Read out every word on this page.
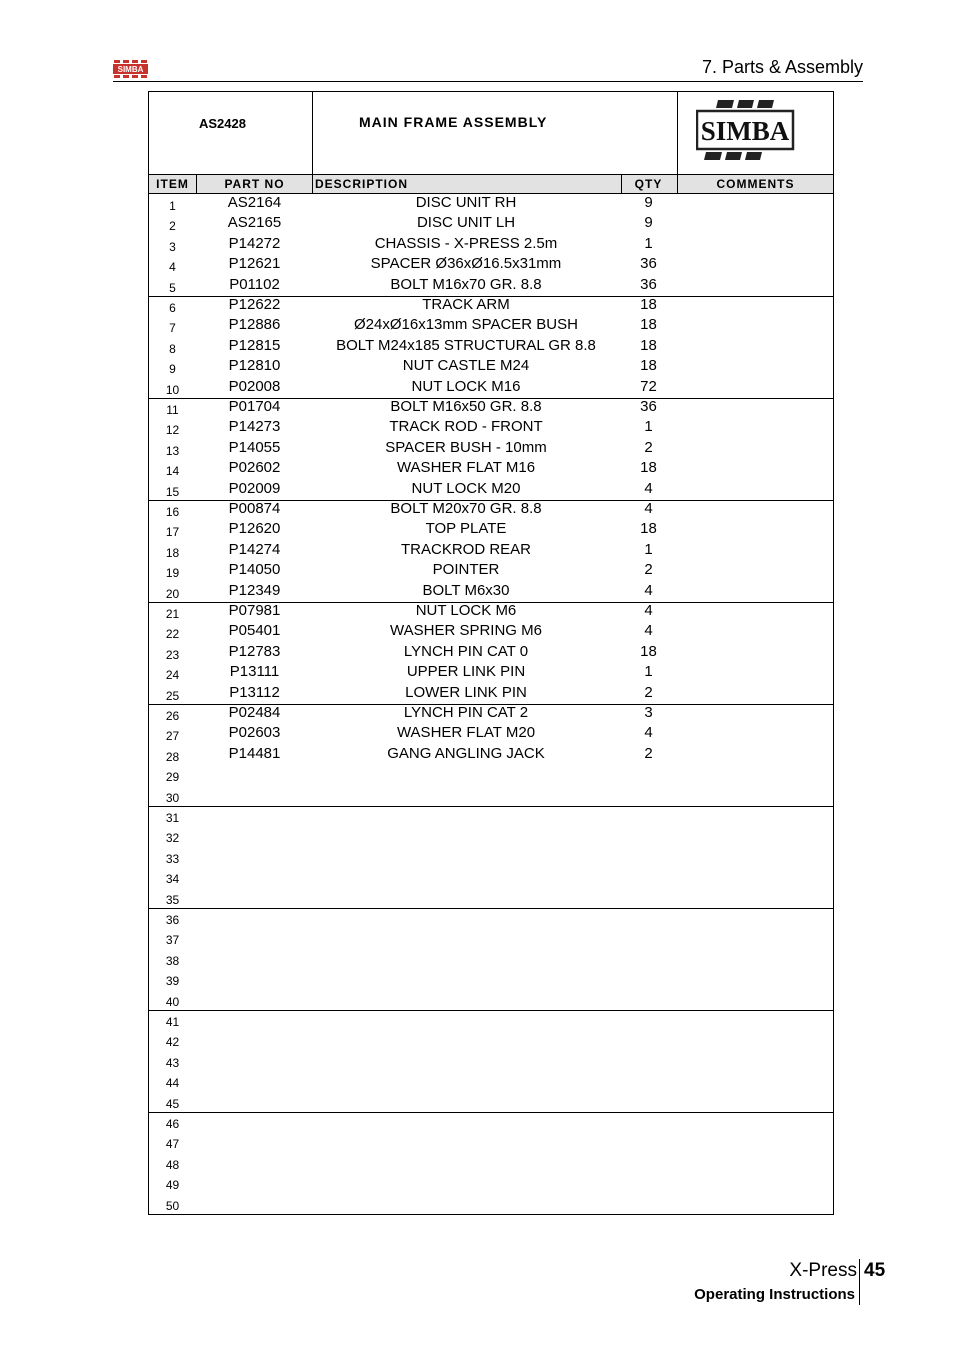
SIMBA	7. Parts & Assembly
AS2428	MAIN FRAME ASSEMBLY	SIMBA
ITEM	PART NO	DESCRIPTION	QTY	COMMENTS
1	AS2164	DISC UNIT RH	9
2	AS2165	DISC UNIT LH	9
3	P14272	CHASSIS - X-PRESS 2.5m	1
4	P12621	SPACER Ø36xØ16.5x31mm	36
5	P01102	BOLT M16x70 GR. 8.8	36
6	P12622	TRACK ARM	18
7	P12886	Ø24xØ16x13mm SPACER BUSH	18
8	P12815	BOLT M24x185 STRUCTURAL GR 8.8	18
9	P12810	NUT CASTLE M24	18
10	P02008	NUT LOCK M16	72
11	P01704	BOLT M16x50 GR. 8.8	36
12	P14273	TRACK ROD - FRONT	1
13	P14055	SPACER BUSH - 10mm	2
14	P02602	WASHER FLAT M16	18
15	P02009	NUT LOCK M20	4
16	P00874	BOLT M20x70 GR. 8.8	4
17	P12620	TOP PLATE	18
18	P14274	TRACKROD REAR	1
19	P14050	POINTER	2
20	P12349	BOLT M6x30	4
21	P07981	NUT LOCK M6	4
22	P05401	WASHER SPRING M6	4
23	P12783	LYNCH PIN CAT 0	18
24	P13111	UPPER LINK PIN	1
25	P13112	LOWER LINK PIN	2
26	P02484	LYNCH PIN CAT 2	3
27	P02603	WASHER FLAT M20	4
28	P14481	GANG ANGLING JACK	2
29
30
31
32
33
34
35
36
37
38
39
40
41
42
43
44
45
46
47
48
49
50
X-Press 45
Operating Instructions
